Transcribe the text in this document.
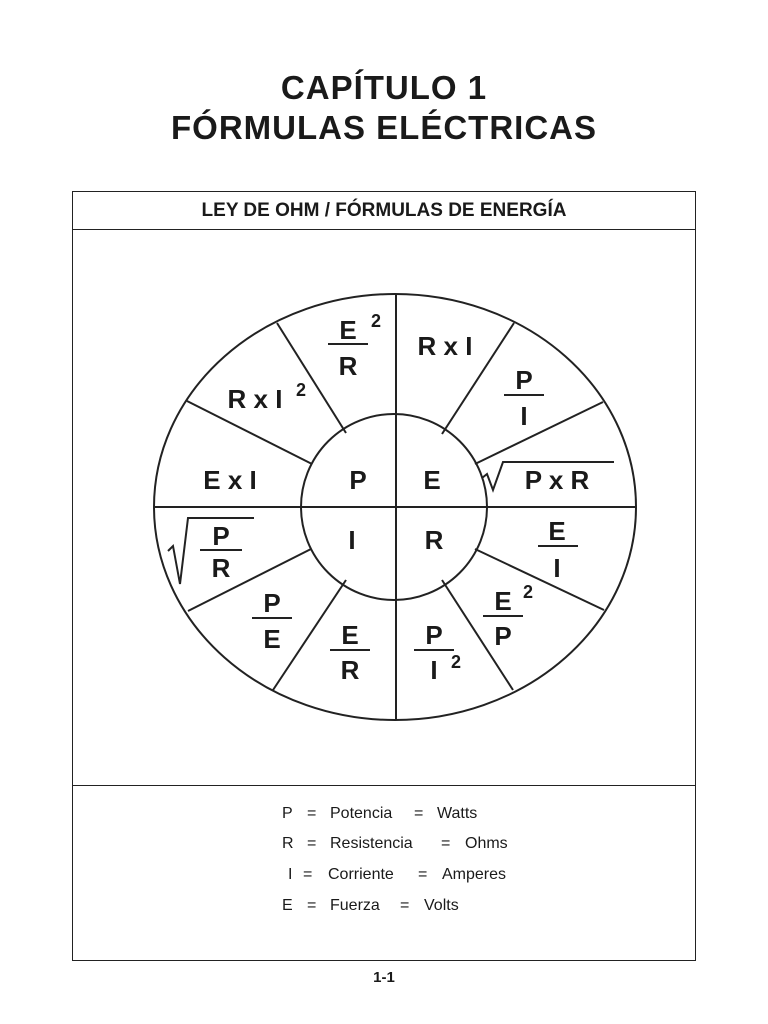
CAPÍTULO 1
FÓRMULAS ELÉCTRICAS
LEY DE OHM / FÓRMULAS DE ENERGÍA
P E
I	R
E 2
R
R x I
P
I
R x I 2
E x I	P x R
P
R
E
I
P
E E
R
P
I 2
E 2
P
P = Potencia = Watts
R = Resistencia = Ohms
I = Corriente = Amperes
E = Fuerza = Volts
1-1
